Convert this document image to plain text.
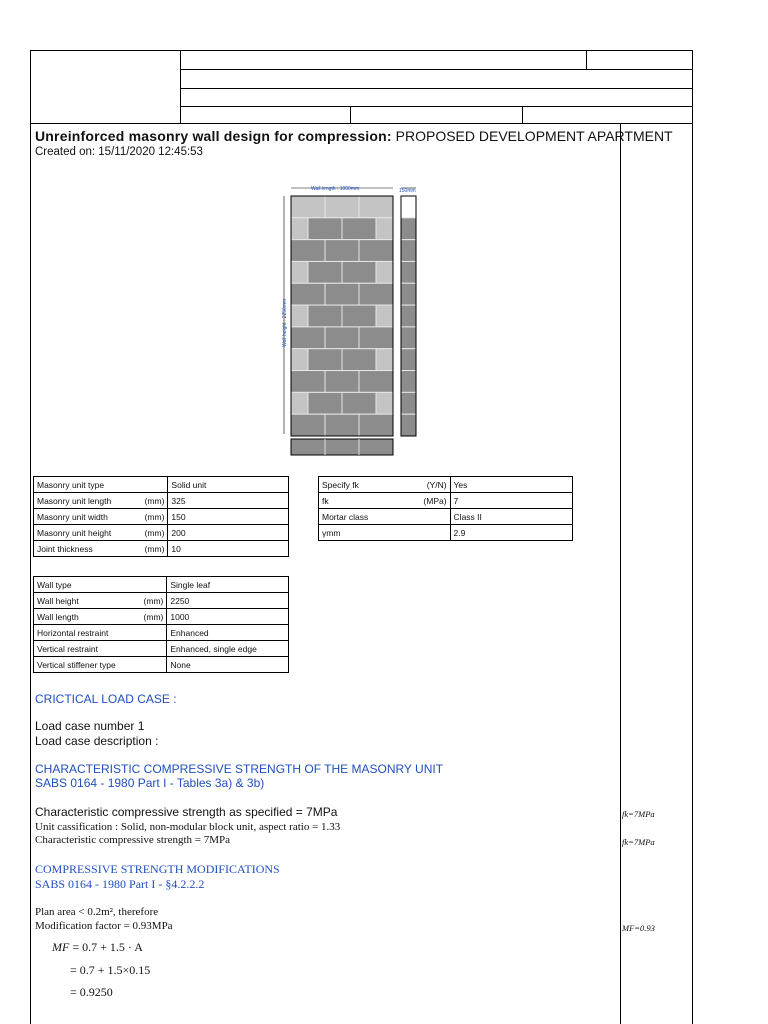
Unreinforced masonry wall design for compression: PROPOSED DEVELOPMENT APARTMENT
Created on: 15/11/2020 12:45:53
Wall length : 1000mm	150mm
Wall height : 2250mm
Masonry unit type		Solid unit
Masonry unit length	(mm)	325
Masonry unit width	(mm)	150
Masonry unit height	(mm)	200
Joint thickness	(mm)	10
Specify fk	(Y/N)	Yes
fk	(MPa)	7
Mortar class		Class II
γmm		2.9
Wall type		Single leaf
Wall height	(mm)	2250
Wall length	(mm)	1000
Horizontal restraint		Enhanced
Vertical restraint		Enhanced, single edge
Vertical stiffener type		None
CRICTICAL LOAD CASE :
Load case number 1
Load case description :
CHARACTERISTIC COMPRESSIVE STRENGTH OF THE MASONRY UNIT
SABS 0164 - 1980 Part I - Tables 3a) & 3b)
Characteristic compressive strength as specified = 7MPa
Unit cassification : Solid, non-modular block unit, aspect ratio = 1.33
Characteristic compressive strength = 7MPa
fk=7MPa
fk=7MPa
COMPRESSIVE STRENGTH MODIFICATIONS
SABS 0164 - 1980 Part I - §4.2.2.2
Plan area < 0.2m², therefore
Modification factor = 0.93MPa	MF=0.93
MF = 0.7 + 1.5 · A
= 0.7 + 1.5×0.15
= 0.9250
